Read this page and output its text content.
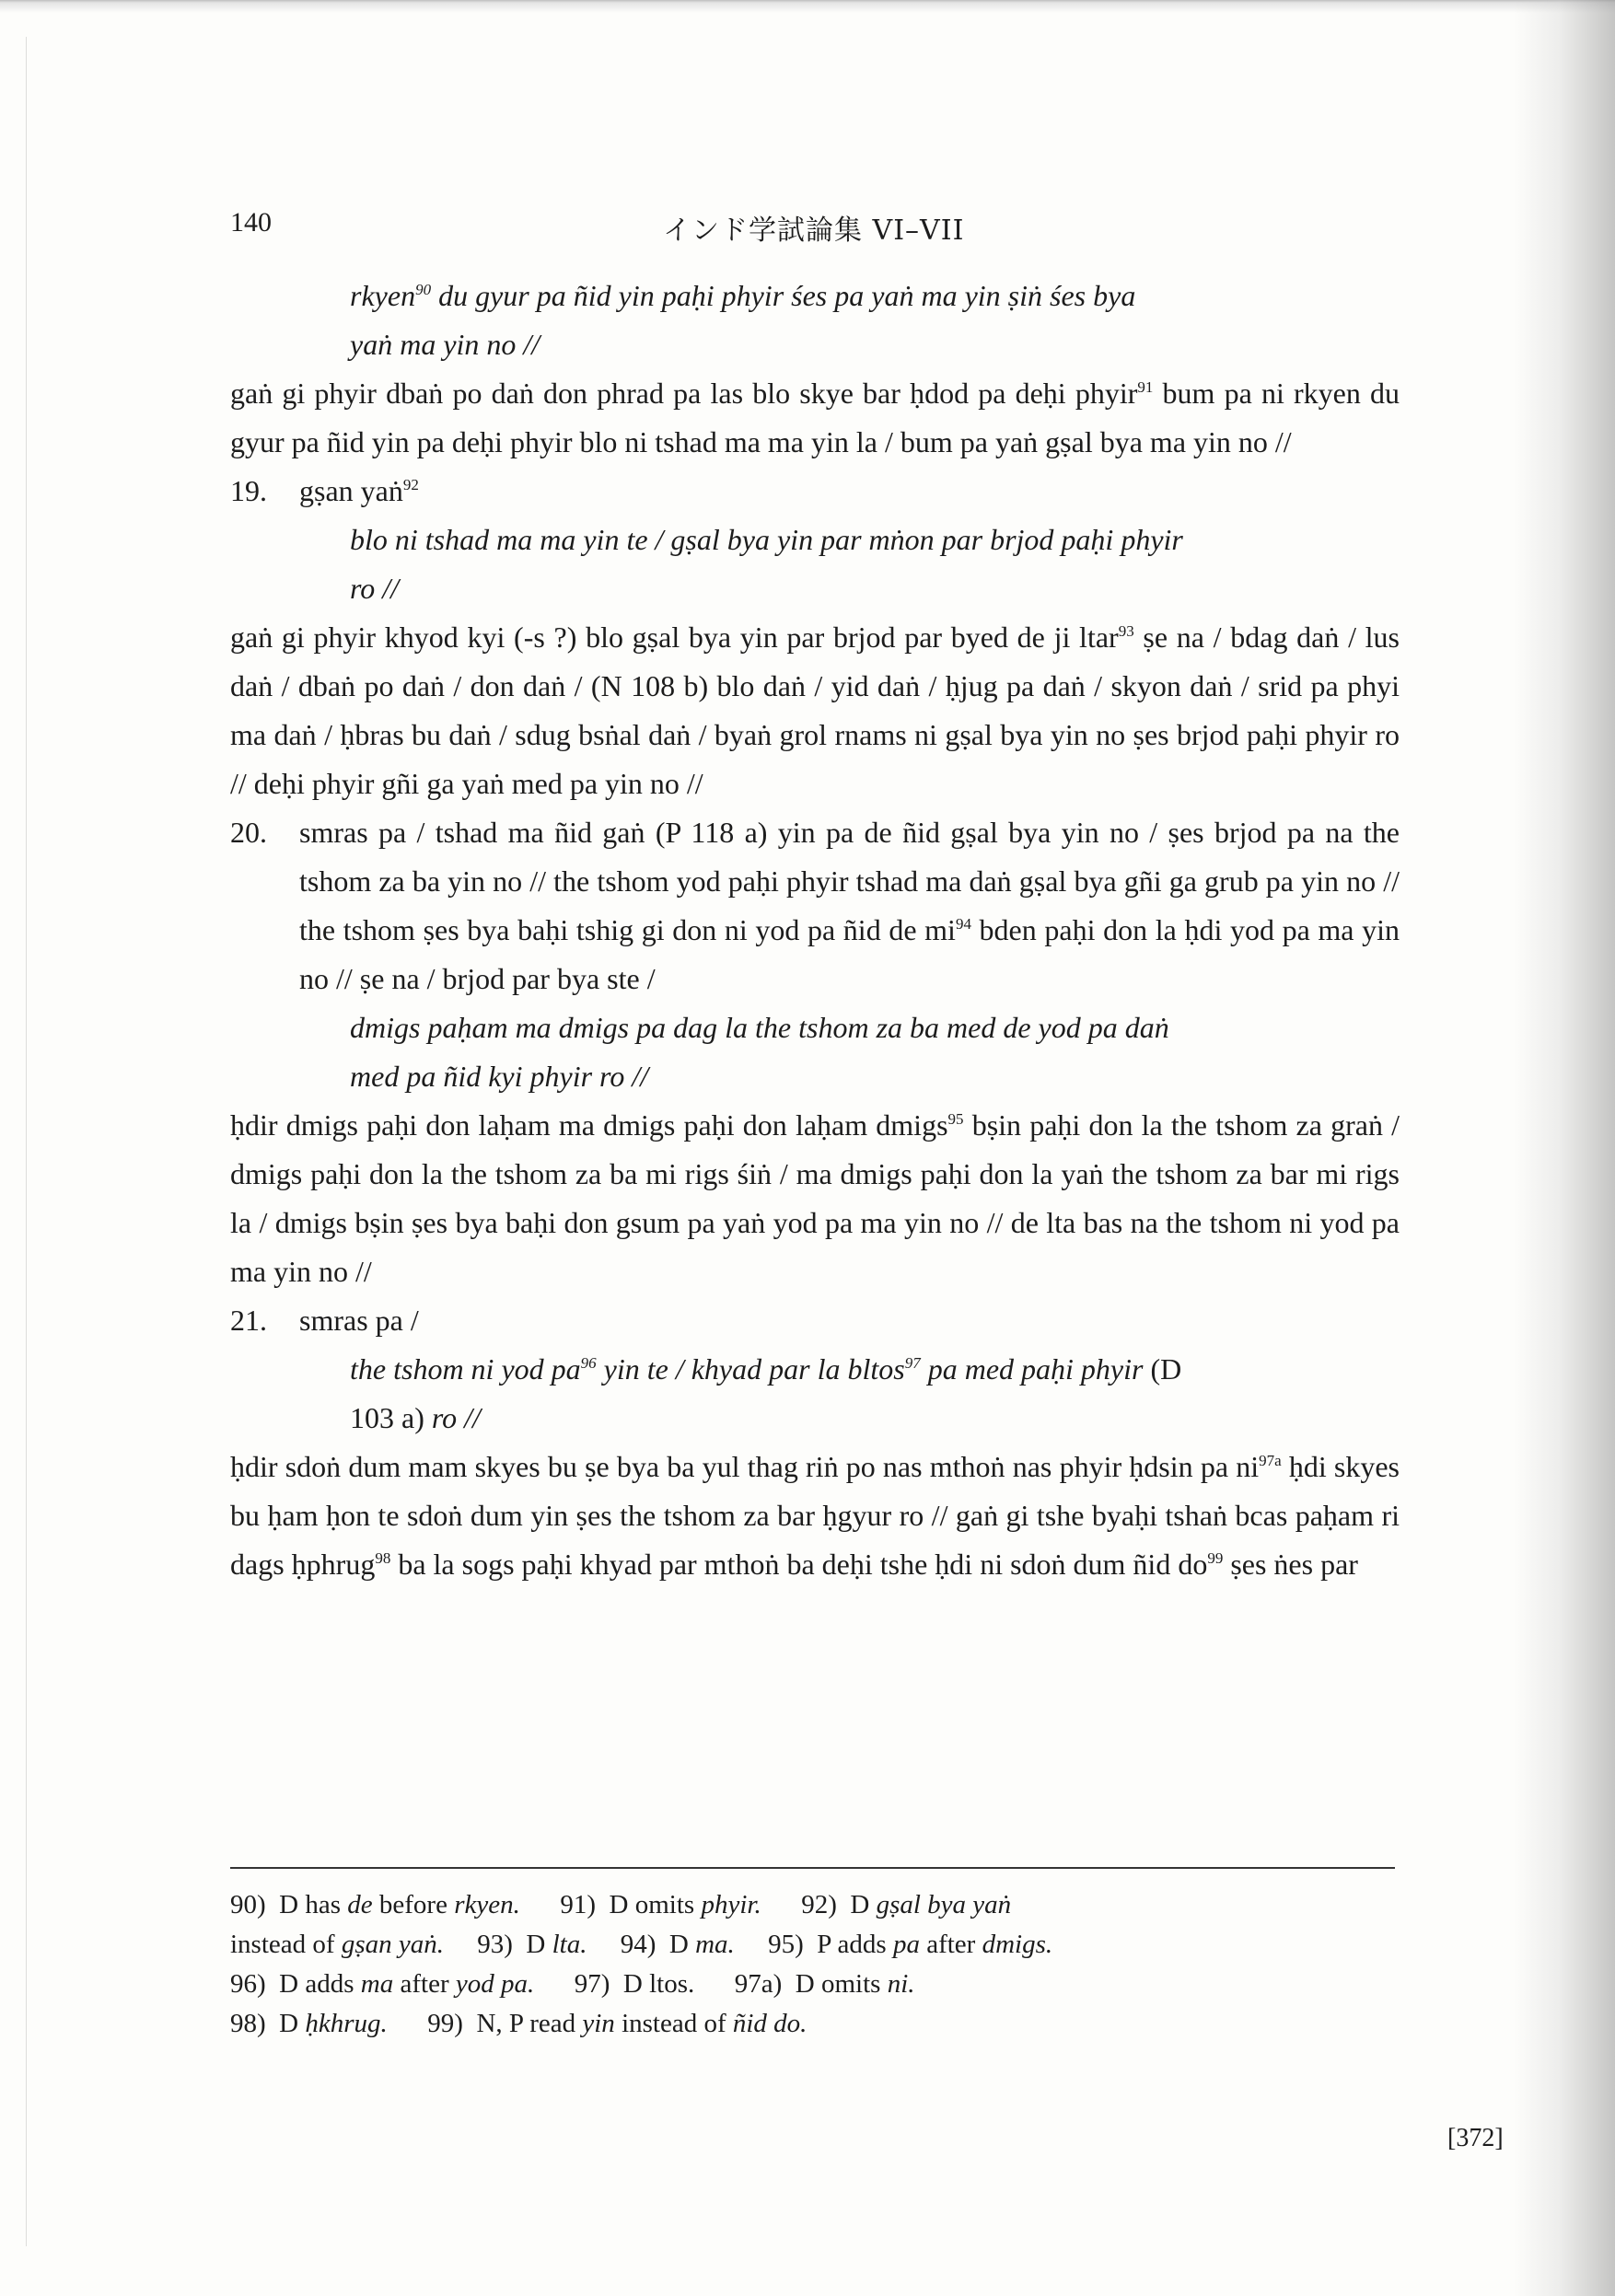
140	インド学試論集 VI–VII
rkyen$^{90}$ du gyur pa ñid yin paḥi phyir śes pa yaṅ ma yin ṣiṅ śes bya
yaṅ ma yin no //
gaṅ gi phyir dbaṅ po daṅ don phrad pa las blo skye bar ḥdod pa deḥi phyir$^{91}$ bum pa ni rkyen du gyur pa ñid yin pa deḥi phyir blo ni tshad ma ma yin la / bum pa yaṅ gṣal bya ma yin no //
19. gṣan yaṅ$^{92}$
blo ni tshad ma ma yin te / gṣal bya yin par mṅon par brjod paḥi phyir
ro //
gaṅ gi phyir khyod kyi (-s ?) blo gṣal bya yin par brjod par byed de ji ltar$^{93}$ ṣe na / bdag daṅ / lus daṅ / dbaṅ po daṅ / don daṅ / (N 108 b) blo daṅ / yid daṅ / ḥjug pa daṅ / skyon daṅ / srid pa phyi ma daṅ / ḥbras bu daṅ / sdug bsṅal daṅ / byaṅ grol rnams ni gṣal bya yin no ṣes brjod paḥi phyir ro // deḥi phyir gñi ga yaṅ med pa yin no //
20. smras pa / tshad ma ñid gaṅ (P 118 a) yin pa de ñid gṣal bya yin no / ṣes brjod pa na the tshom za ba yin no // the tshom yod paḥi phyir tshad ma daṅ gṣal bya gñi ga grub pa yin no // the tshom ṣes bya baḥi tshig gi don ni yod pa ñid de $mi^{94}$ bden paḥi don la ḥdi yod pa ma yin no // ṣe na / brjod par bya ste /
dmigs paḥam ma dmigs pa dag la the tshom za ba med de yod pa daṅ
med pa ñid kyi phyir ro //
ḥdir dmigs paḥi don laḥam ma dmigs paḥi don laḥam dmigs$^{95}$ bṣin paḥi don la the tshom za graṅ / dmigs paḥi don la the tshom za ba mi rigs śiṅ / ma dmigs paḥi don la yaṅ the tshom za bar mi rigs la / dmigs bṣin ṣes bya baḥi don gsum pa yaṅ yod pa ma yin no // de lta bas na the tshom ni yod pa ma yin no //
21. smras pa /
the tshom ni yod $pa^{96}$ yin te / khyad par la bltos$^{97}$ pa med paḥi phyir (D
103 a) ro //
ḥdir sdoṅ dum mam skyes bu ṣe bya ba yul thag riṅ po nas mthoṅ nas phyir ḥdsin pa $ni^{97a}$ ḥdi skyes bu ḥam ḥon te sdoṅ dum yin ṣes the tshom za bar ḥgyur ro // gaṅ gi tshe byaḥi tshaṅ bcas paḥam ri dags ḥphrug$^{98}$ ba la sogs paḥi khyad par mthoṅ ba deḥi tshe ḥdi ni sdoṅ dum ñid $do^{99}$ ṣes ṅes par
90)  D has de before rkyen. 91)  D omits phyir. 92)  D gṣal bya yaṅ
instead of gṣan yaṅ. 93)  D lta. 94)  D ma. 95)  P adds pa after dmigs.
96)  D adds ma after yod pa. 97)  D ltos. 97a)  D omits ni.
98)  D ḥkhrug. 99)  N, P read yin instead of ñid do.
[372]
